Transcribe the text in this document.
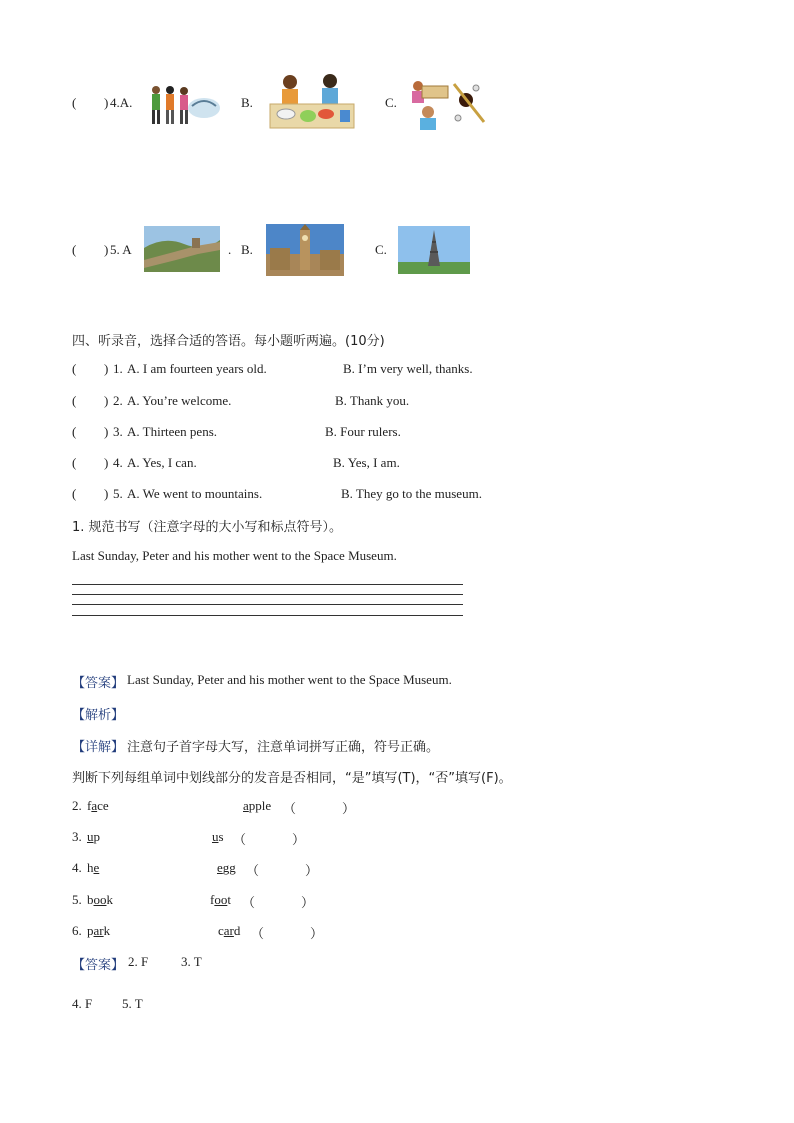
( ) 4.A.	B.	C.
( ) 5. A	. B.	C.
四、听录音，选择合适的答语。每小题听两遍。(10分)
( ) 1. A. I am fourteen years old.	B. I’m very well, thanks.
( ) 2. A. You’re welcome.	B. Thank you.
( ) 3. A. Thirteen pens.	B. Four rulers.
( ) 4. A. Yes, I can.	B. Yes, I am.
( ) 5. A. We went to mountains.	B. They go to the museum.
1. 规范书写（注意字母的大小写和标点符号）。
Last Sunday, Peter and his mother went to the Space Museum.
【答案】 Last Sunday, Peter and his mother went to the Space Museum.
【解析】
【详解】 注意句子首字母大写，注意单词拼写正确，符号正确。
判断下列每组单词中划线部分的发音是否相同，“是”填写(T)，“否”填写(F)。
2. face	apple （	）
3. up	us （	）
4. he	egg （	）
5. book	foot （	）
6. park	card （	）
【答案】 2. F	3. T
4. F 5. T
